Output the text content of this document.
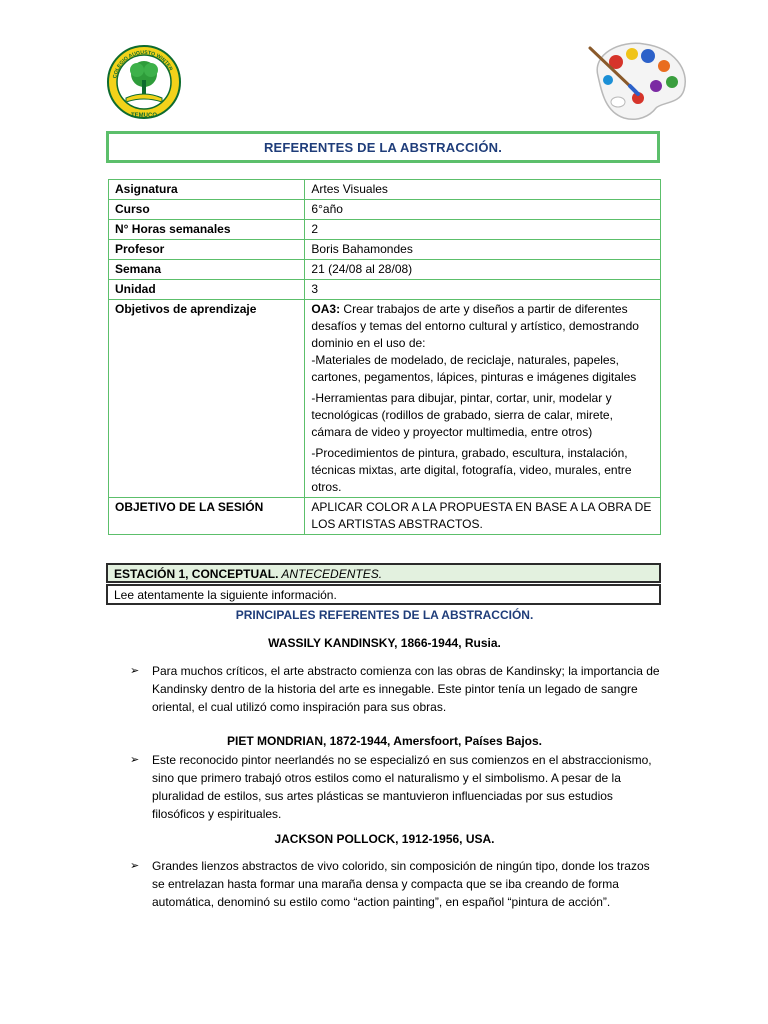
COLEGIO AUGUSTO WINTER
TEMUCO
REFERENTES DE LA ABSTRACCIÓN.
Asignatura	Artes Visuales
Curso	6°año
N° Horas semanales	2
Profesor	Boris Bahamondes
Semana	21 (24/08 al 28/08)
Unidad	3
Objetivos de aprendizaje	OA3: Crear trabajos de arte y diseños a partir de diferentes desafíos y temas del entorno cultural y artístico, demostrando dominio en el uso de:
-Materiales de modelado, de reciclaje, naturales, papeles, cartones, pegamentos, lápices, pinturas e imágenes digitales
-Herramientas para dibujar, pintar, cortar, unir, modelar y tecnológicas (rodillos de grabado, sierra de calar, mirete, cámara de video y proyector multimedia, entre otros)
-Procedimientos de pintura, grabado, escultura, instalación, técnicas mixtas, arte digital, fotografía, video, murales, entre otros.

OBJETIVO DE LA SESIÓN	APLICAR COLOR A LA PROPUESTA EN BASE A LA OBRA DE LOS ARTISTAS ABSTRACTOS.
ESTACIÓN 1, CONCEPTUAL. ANTECEDENTES.
Lee atentamente la siguiente información.
PRINCIPALES REFERENTES DE LA ABSTRACCIÓN.
WASSILY KANDINSKY, 1866-1944, Rusia.
➢ Para muchos críticos, el arte abstracto comienza con las obras de Kandinsky; la importancia de Kandinsky dentro de la historia del arte es innegable. Este pintor tenía un legado de sangre oriental, el cual utilizó como inspiración para sus obras.
PIET MONDRIAN, 1872-1944, Amersfoort, Países Bajos.
➢ Este reconocido pintor neerlandés no se especializó en sus comienzos en el abstraccionismo, sino que primero trabajó otros estilos como el naturalismo y el simbolismo. A pesar de la pluralidad de estilos, sus artes plásticas se mantuvieron influenciadas por sus estudios filosóficos y espirituales.
JACKSON POLLOCK, 1912-1956, USA.
➢ Grandes lienzos abstractos de vivo colorido, sin composición de ningún tipo, donde los trazos se entrelazan hasta formar una maraña densa y compacta que se iba creando de forma automática, denominó su estilo como “action painting”, en español “pintura de acción”.
